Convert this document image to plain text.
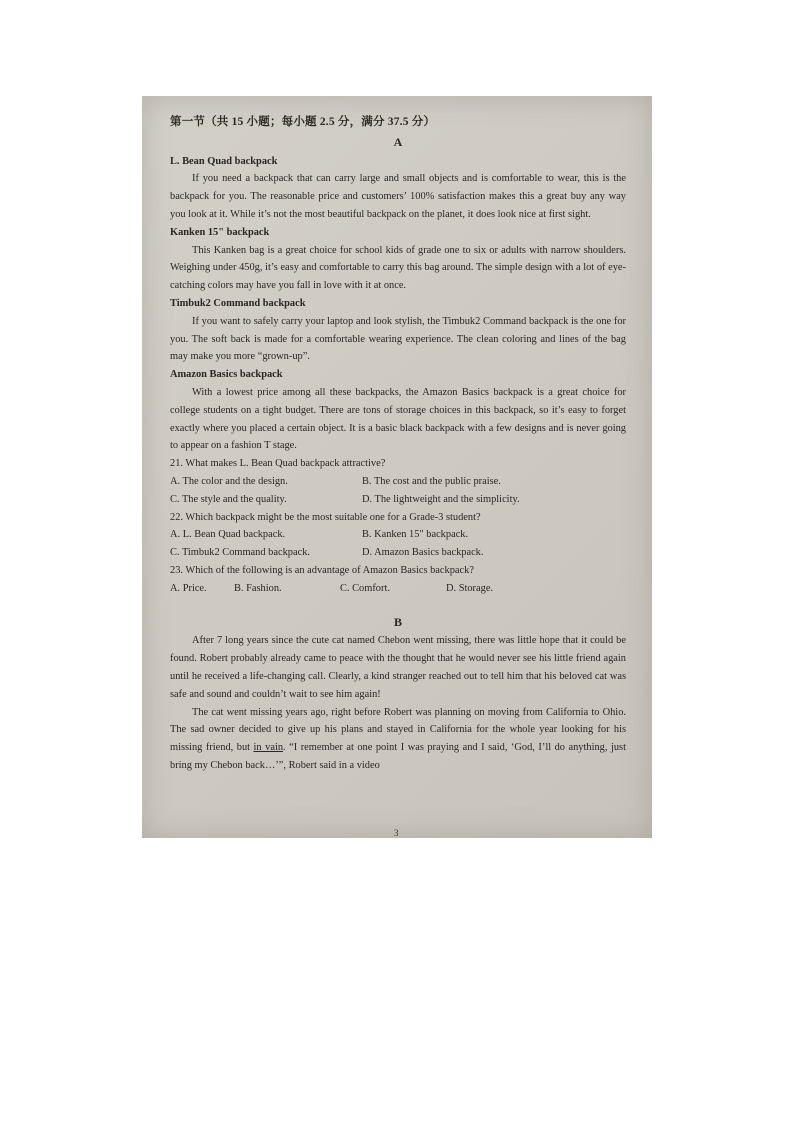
第一节（共 15 小题；每小题 2.5 分，满分 37.5 分）

A

L. Bean Quad backpack

If you need a backpack that can carry large and small objects and is comfortable to wear, this is the backpack for you. The reasonable price and customers’ 100% satisfaction makes this a great buy any way you look at it. While it’s not the most beautiful backpack on the planet, it does look nice at first sight.

Kanken 15" backpack

This Kanken bag is a great choice for school kids of grade one to six or adults with narrow shoulders. Weighing under 450g, it’s easy and comfortable to carry this bag around. The simple design with a lot of eye-catching colors may have you fall in love with it at once.

Timbuk2 Command backpack

If you want to safely carry your laptop and look stylish, the Timbuk2 Command backpack is the one for you. The soft back is made for a comfortable wearing experience. The clean coloring and lines of the bag may make you more “grown-up”.

Amazon Basics backpack

With a lowest price among all these backpacks, the Amazon Basics backpack is a great choice for college students on a tight budget. There are tons of storage choices in this backpack, so it’s easy to forget exactly where you placed a certain object. It is a basic black backpack with a few designs and is never going to appear on a fashion T stage.

21. What makes L. Bean Quad backpack attractive?

A. The color and the design.	B. The cost and the public praise.
C. The style and the quality.	D. The lightweight and the simplicity.

22. Which backpack might be the most suitable one for a Grade-3 student?

A. L. Bean Quad backpack.	B. Kanken 15" backpack.
C. Timbuk2 Command backpack.	D. Amazon Basics backpack.

23. Which of the following is an advantage of Amazon Basics backpack?

A. Price.	B. Fashion.	C. Comfort.	D. Storage.

B

After 7 long years since the cute cat named Chebon went missing, there was little hope that it could be found. Robert probably already came to peace with the thought that he would never see his little friend again until he received a life-changing call. Clearly, a kind stranger reached out to tell him that his beloved cat was safe and sound and couldn’t wait to see him again!

The cat went missing years ago, right before Robert was planning on moving from California to Ohio. The sad owner decided to give up his plans and stayed in California for the whole year looking for his missing friend, but in vain. “I remember at one point I was praying and I said, ‘God, I’ll do anything, just bring my Chebon back…’”, Robert said in a video

3
